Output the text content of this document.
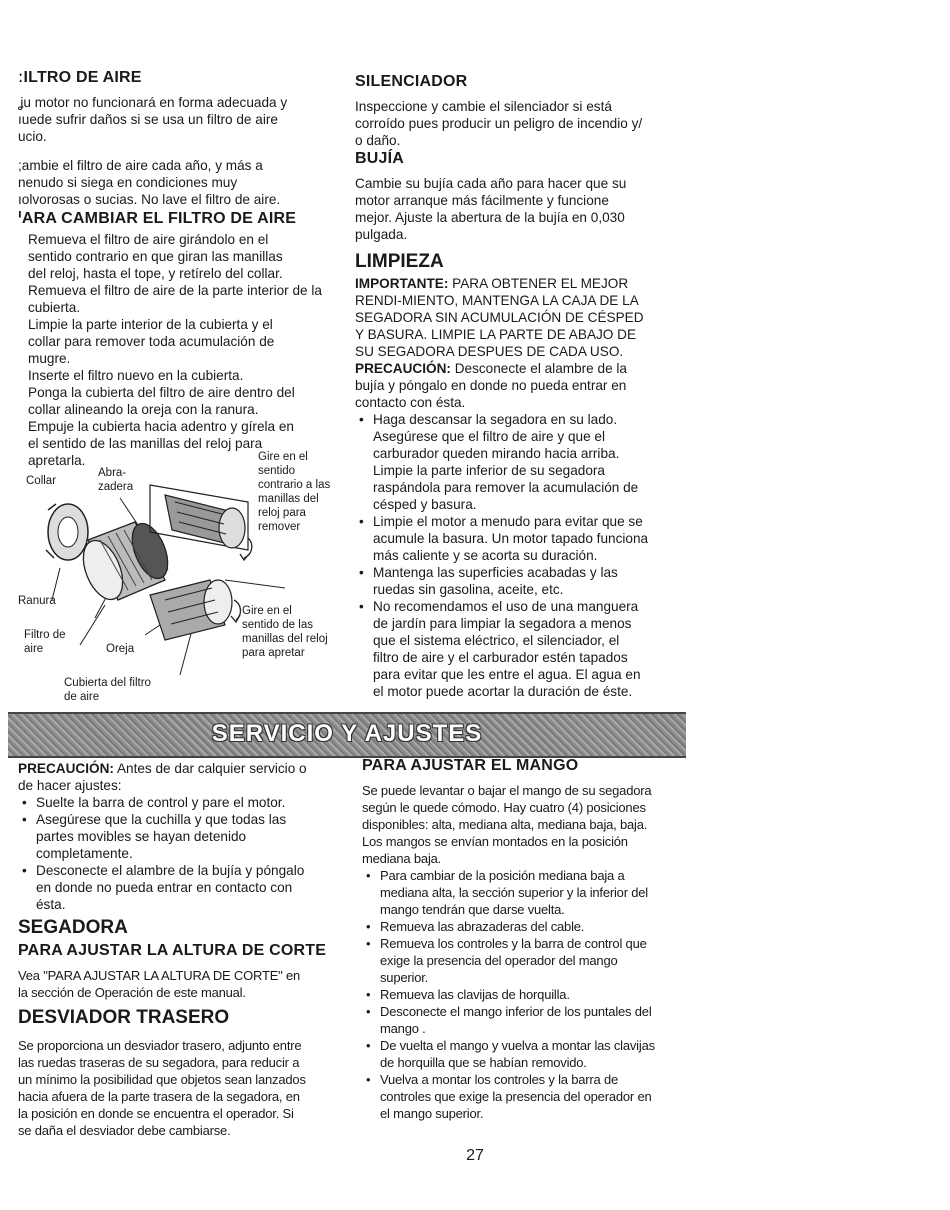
ːILTRO DE AIRE
ʝu motor no funcionará en forma adecuada y
ıuede sufrir daños si se usa un filtro de aire
ucio.
;ambie el filtro de aire cada año, y más a
nenudo si siega en condiciones muy
ıolvorosas o sucias. No lave el filtro de aire.
ᑊARA CAMBIAR EL FILTRO DE AIRE
Remueva el filtro de aire girándolo en el
sentido contrario en que giran las manillas
del reloj, hasta el tope, y retírelo del collar.
Remueva el filtro de aire de la parte interior de la
cubierta.
Limpie la parte interior de la cubierta y el
collar para remover toda acumulación de
mugre.
Inserte el filtro nuevo en la cubierta.
Ponga la cubierta del filtro de aire dentro del
collar alineando la oreja con la ranura.
Empuje la cubierta hacia adentro y gírela en
el sentido de las manillas del reloj para
apretarla.
Abra-
zadera
Collar
Gire en el
sentido
contrario a las
manillas del
reloj para
remover
Ranura
Filtro de
aire	Oreja
Gire en el
sentido de las
manillas del reloj
para apretar
Cubierta del filtro
de aire
SILENCIADOR
Inspeccione y cambie el silenciador si está
corroído pues producir un peligro de incendio y/
o daño.
BUJÍA
Cambie su bujía cada año para hacer que su
motor arranque más fácilmente y funcione
mejor. Ajuste la abertura de la bujía en 0,030
pulgada.
LIMPIEZA
IMPORTANTE: PARA OBTENER EL MEJOR
RENDI-MIENTO, MANTENGA LA CAJA DE LA
SEGADORA SIN ACUMULACIÓN DE CÉSPED
Y BASURA. LIMPIE LA PARTE DE ABAJO DE
SU SEGADORA DESPUES DE CADA USO.
PRECAUCIÓN: Desconecte el alambre de la
bujía y póngalo en donde no pueda entrar en
contacto con ésta.
• Haga descansar la segadora en su lado.
Asegúrese que el filtro de aire y que el
carburador queden mirando hacia arriba.
Limpie la parte inferior de su segadora
raspándola para remover la acumulación de
césped y basura.
• Limpie el motor a menudo para evitar que se
acumule la basura. Un motor tapado funciona
más caliente y se acorta su duración.
• Mantenga las superficies acabadas y las
ruedas sin gasolina, aceite, etc.
• No recomendamos el uso de una manguera
de jardín para limpiar la segadora a menos
que el sistema eléctrico, el silenciador, el
filtro de aire y el carburador estén tapados
para evitar que les entre el agua. El agua en
el motor puede acortar la duración de éste.
SERVICIO Y AJUSTES
PRECAUCIÓN: Antes de dar calquier servicio o
de hacer ajustes:
• Suelte la barra de control y pare el motor.
• Asegúrese que la cuchilla y que todas las
partes movibles se hayan detenido
completamente.
• Desconecte el alambre de la bujía y póngalo
en donde no pueda entrar en contacto con
ésta.
SEGADORA
PARA AJUSTAR LA ALTURA DE CORTE
Vea "PARA AJUSTAR LA ALTURA DE CORTE" en
la sección de Operación de este manual.
DESVIADOR TRASERO
Se proporciona un desviador trasero, adjunto entre
las ruedas traseras de su segadora, para reducir a
un mínimo la posibilidad que objetos sean lanzados
hacia afuera de la parte trasera de la segadora, en
la posición en donde se encuentra el operador. Si
se daña el desviador debe cambiarse.
PARA AJUSTAR EL MANGO
Se puede levantar o bajar el mango de su segadora
según le quede cómodo. Hay cuatro (4) posiciones
disponibles: alta, mediana alta, mediana baja, baja.
Los mangos se envían montados en la posición
mediana baja.
• Para cambiar de la posición mediana baja a
mediana alta, la sección superior y la inferior del
mango tendrán que darse vuelta.
• Remueva las abrazaderas del cable.
• Remueva los controles y la barra de control que
exige la presencia del operador del mango
superior.
• Remueva las clavijas de horquilla.
• Desconecte el mango inferior de los puntales del
mango .
• De vuelta el mango y vuelva a montar las clavijas
de horquilla que se habían removido.
• Vuelva a montar los controles y la barra de
controles que exige la presencia del operador en
el mango superior.
27
